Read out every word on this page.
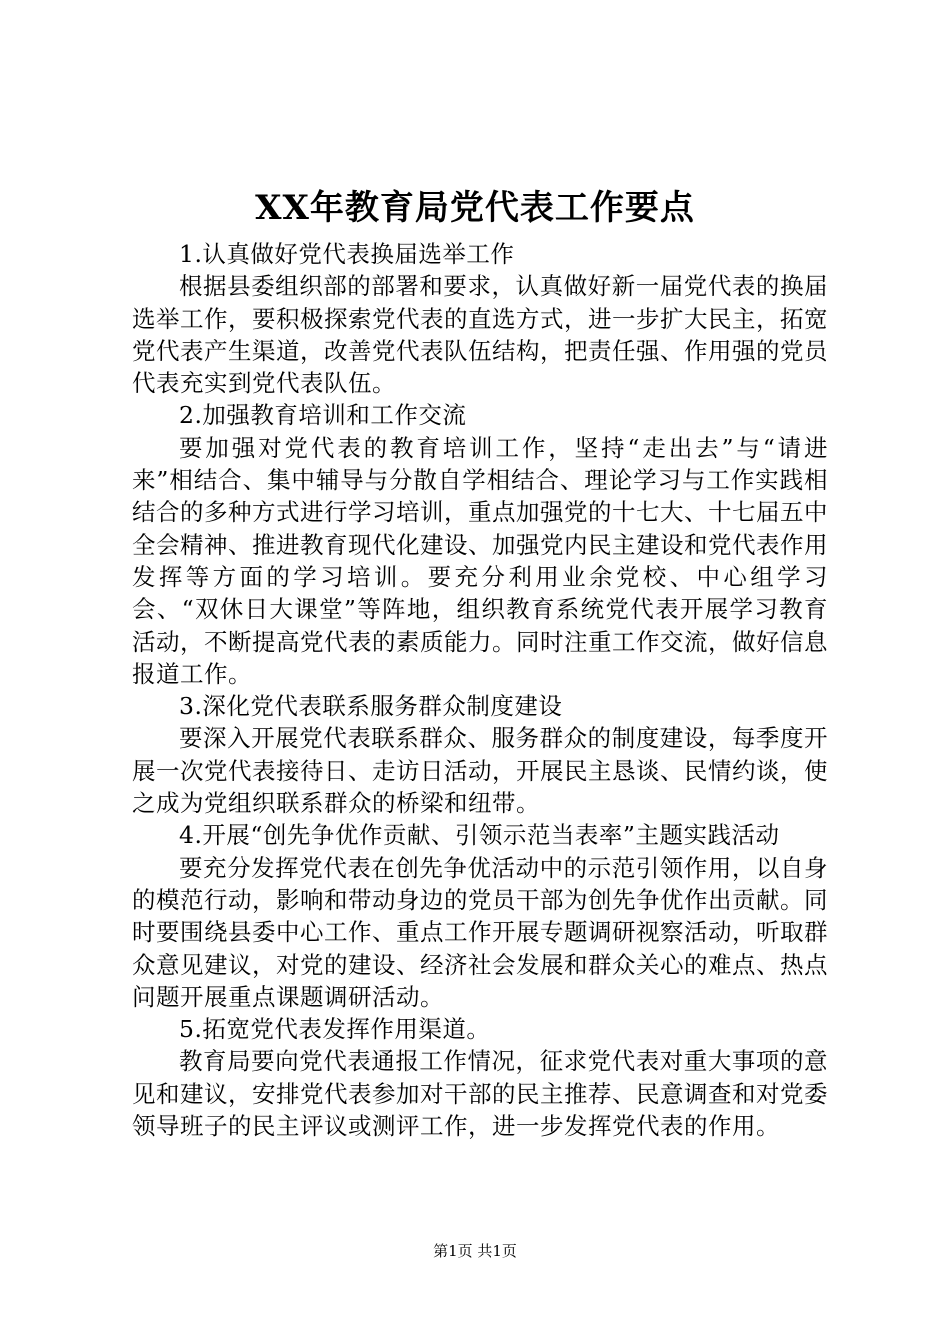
XX年教育局党代表工作要点

1.认真做好党代表换届选举工作

根据县委组织部的部署和要求，认真做好新一届党代表的换届选举工作，要积极探索党代表的直选方式，进一步扩大民主，拓宽党代表产生渠道，改善党代表队伍结构，把责任强、作用强的党员代表充实到党代表队伍。

2.加强教育培训和工作交流

要加强对党代表的教育培训工作，坚持“走出去”与“请进来”相结合、集中辅导与分散自学相结合、理论学习与工作实践相结合的多种方式进行学习培训，重点加强党的十七大、十七届五中全会精神、推进教育现代化建设、加强党内民主建设和党代表作用发挥等方面的学习培训。要充分利用业余党校、中心组学习会、“双休日大课堂”等阵地，组织教育系统党代表开展学习教育活动，不断提高党代表的素质能力。同时注重工作交流，做好信息报道工作。

3.深化党代表联系服务群众制度建设

要深入开展党代表联系群众、服务群众的制度建设，每季度开展一次党代表接待日、走访日活动，开展民主恳谈、民情约谈，使之成为党组织联系群众的桥梁和纽带。

4.开展“创先争优作贡献、引领示范当表率”主题实践活动

要充分发挥党代表在创先争优活动中的示范引领作用，以自身的模范行动，影响和带动身边的党员干部为创先争优作出贡献。同时要围绕县委中心工作、重点工作开展专题调研视察活动，听取群众意见建议，对党的建设、经济社会发展和群众关心的难点、热点问题开展重点课题调研活动。

5.拓宽党代表发挥作用渠道。

教育局要向党代表通报工作情况，征求党代表对重大事项的意见和建议，安排党代表参加对干部的民主推荐、民意调查和对党委领导班子的民主评议或测评工作，进一步发挥党代表的作用。

第1页 共1页
